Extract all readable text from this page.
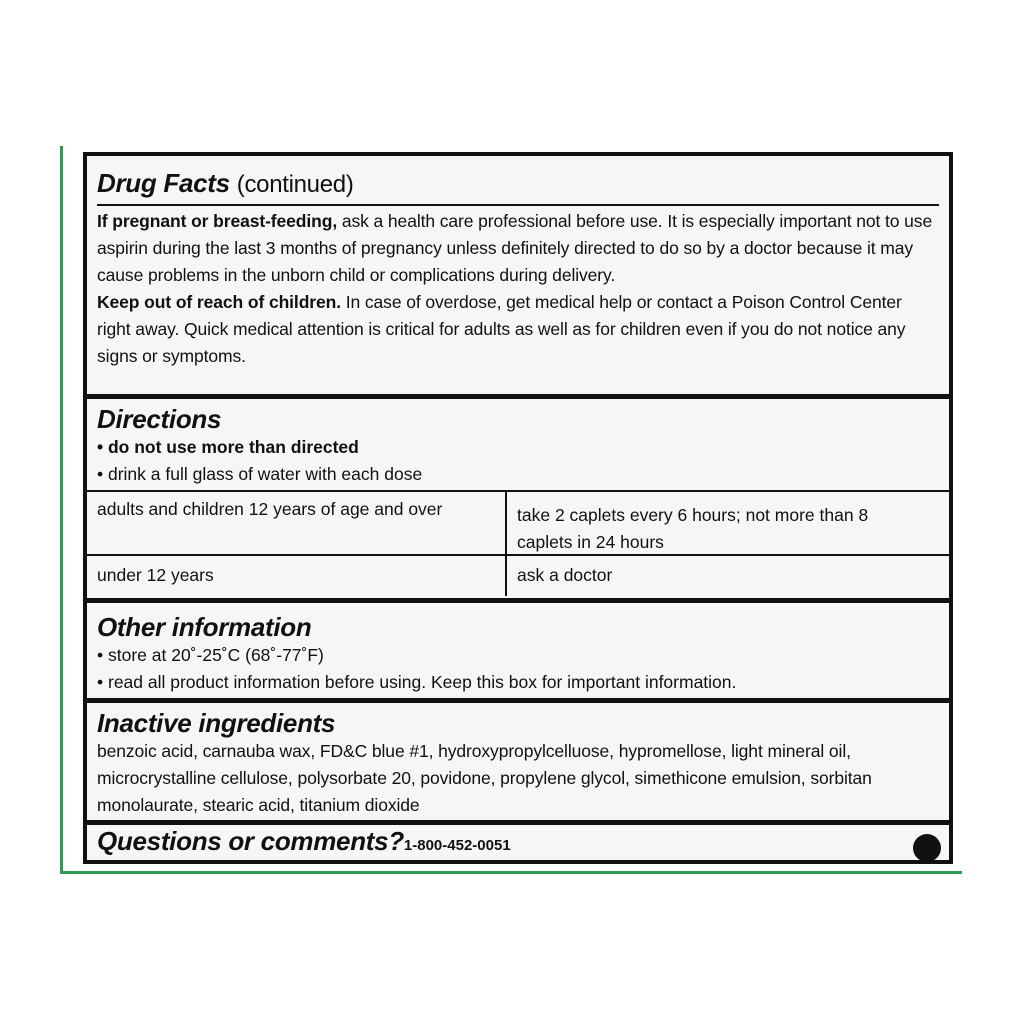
Drug Facts (continued)
If pregnant or breast-feeding, ask a health care professional before use. It is especially important not to use aspirin during the last 3 months of pregnancy unless definitely directed to do so by a doctor because it may cause problems in the unborn child or complications during delivery.
Keep out of reach of children. In case of overdose, get medical help or contact a Poison Control Center right away. Quick medical attention is critical for adults as well as for children even if you do not notice any signs or symptoms.
Directions
• do not use more than directed
• drink a full glass of water with each dose
adults and children 12 years of age and over	take 2 caplets every 6 hours; not more than 8
caplets in 24 hours
under 12 years	ask a doctor
Other information
• store at 20˚-25˚C (68˚-77˚F)
• read all product information before using. Keep this box for important information.
Inactive ingredients
benzoic acid, carnauba wax, FD&C blue #1, hydroxypropylcelluose, hypromellose, light mineral oil, microcrystalline cellulose, polysorbate 20, povidone, propylene glycol, simethicone emulsion, sorbitan monolaurate, stearic acid, titanium dioxide
Questions or comments?1-800-452-0051
